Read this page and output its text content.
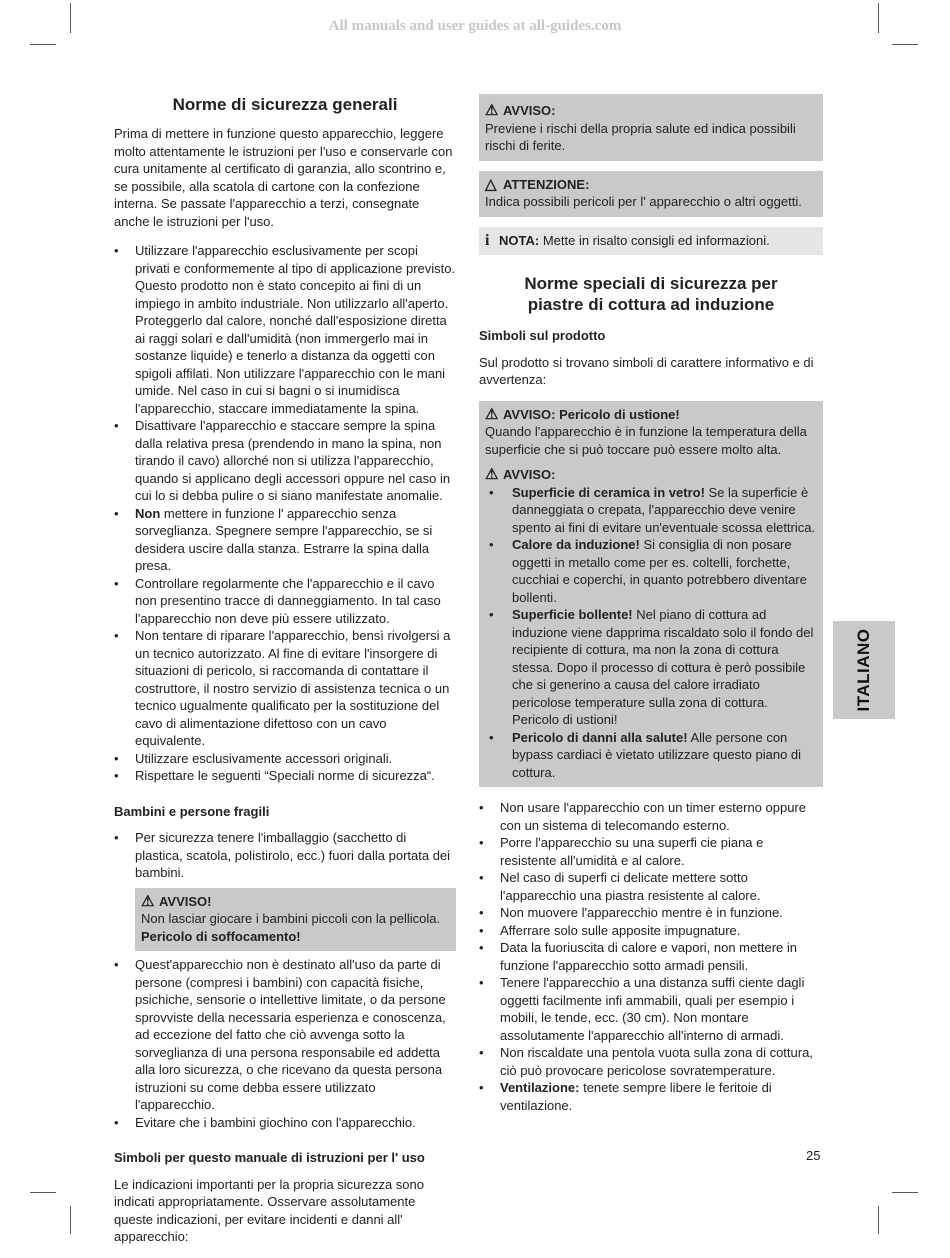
All manuals and user guides at all-guides.com
Norme di sicurezza generali

Prima di mettere in funzione questo apparecchio, leggere molto attentamente le istruzioni per l'uso e conservarle con cura unitamente al certificato di garanzia, allo scontrino e, se possibile, alla scatola di cartone con la confezione interna. Se passate l'apparecchio a terzi, consegnate anche le istruzioni per l'uso.

• Utilizzare l'apparecchio esclusivamente per scopi privati e conformemente al tipo di applicazione previsto. Questo prodotto non è stato concepito ai fini di un impiego in ambito industriale. Non utilizzarlo all'aperto. Proteggerlo dal calore, nonché dall'esposizione diretta ai raggi solari e dall'umidità (non immergerlo mai in sostanze liquide) e tenerlo a distanza da oggetti con spigoli affilati. Non utilizzare l'apparecchio con le mani umide. Nel caso in cui si bagni o si inumidisca l'apparecchio, staccare immediatamente la spina.
• Disattivare l'apparecchio e staccare sempre la spina dalla relativa presa (prendendo in mano la spina, non tirando il cavo) allorché non si utilizza l'apparecchio, quando si applicano degli accessori oppure nel caso in cui lo si debba pulire o si siano manifestate anomalie.
• Non mettere in funzione l' apparecchio senza sorveglianza. Spegnere sempre l'apparecchio, se si desidera uscire dalla stanza. Estrarre la spina dalla presa.
• Controllare regolarmente che l'apparecchio e il cavo non presentino tracce di danneggiamento. In tal caso l'apparecchio non deve più essere utilizzato.
• Non tentare di riparare l'apparecchio, bensì rivolgersi a un tecnico autorizzato. Al fine di evitare l'insorgere di situazioni di pericolo, si raccomanda di contattare il costruttore, il nostro servizio di assistenza tecnica o un tecnico ugualmente qualificato per la sostituzione del cavo di alimentazione difettoso con un cavo equivalente.
• Utilizzare esclusivamente accessori originali.
• Rispettare le seguenti “Speciali norme di sicurezza“.
Bambini e persone fragili
• Per sicurezza tenere l'imballaggio (sacchetto di plastica, scatola, polistirolo, ecc.) fuori dalla portata dei bambini.
⚠ AVVISO!
Non lasciar giocare i bambini piccoli con la pellicola.
Pericolo di soffocamento!
• Quest'apparecchio non è destinato all'uso da parte di persone (compresi i bambini) con capacità fisiche, psichiche, sensorie o intellettive limitate, o da persone sprovviste della necessaria esperienza e conoscenza, ad eccezione del fatto che ciò avvenga sotto la sorveglianza di una persona responsabile ed addetta alla loro sicurezza, o che ricevano da questa persona istruzioni su come debba essere utilizzato l'apparecchio.
• Evitare che i bambini giochino con l'apparecchio.
Simboli per questo manuale di istruzioni per l' uso

Le indicazioni importanti per la propria sicurezza sono indicati appropriatamente. Osservare assolutamente queste indicazioni, per evitare incidenti e danni all' apparecchio:

⚠ AVVISO:
Previene i rischi della propria salute ed indica possibili rischi di ferite.
△ ATTENZIONE:
Indica possibili pericoli per l' apparecchio o altri oggetti.
i NOTA: Mette in risalto consigli ed informazioni.
Norme speciali di sicurezza per
piastre di cottura ad induzione
Simboli sul prodotto

Sul prodotto si trovano simboli di carattere informativo e di avvertenza:

⚠ AVVISO: Pericolo di ustione!
Quando l'apparecchio è in funzione la temperatura della superficie che si può toccare può essere molto alta.
⚠ AVVISO:
• Superficie di ceramica in vetro! Se la superficie è danneggiata o crepata, l'apparecchio deve venire spento ai fini di evitare un'eventuale scossa elettrica.
• Calore da induzione! Si consiglia di non posare oggetti in metallo come per es. coltelli, forchette, cucchiai e coperchi, in quanto potrebbero diventare bollenti.
• Superficie bollente! Nel piano di cottura ad induzione viene dapprima riscaldato solo il fondo del recipiente di cottura, ma non la zona di cottura stessa. Dopo il processo di cottura è però possibile che si generino a causa del calore irradiato pericolose temperature sulla zona di cottura. Pericolo di ustioni!
• Pericolo di danni alla salute! Alle persone con bypass cardiaci è vietato utilizzare questo piano di cottura.
• Non usare l'apparecchio con un timer esterno oppure con un sistema di telecomando esterno.
• Porre l'apparecchio su una superfi cie piana e resistente all'umidità e al calore.
• Nel caso di superfi ci delicate mettere sotto l'apparecchio una piastra resistente al calore.
• Non muovere l'apparecchio mentre è in funzione.
• Afferrare solo sulle apposite impugnature.
• Data la fuoriuscita di calore e vapori, non mettere in funzione l'apparecchio sotto armadi pensili.
• Tenere l'apparecchio a una distanza suffi ciente dagli oggetti facilmente infi ammabili, quali per esempio i mobili, le tende, ecc. (30 cm). Non montare assolutamente l'apparecchio all'interno di armadi.
• Non riscaldate una pentola vuota sulla zona di cottura, ciò può provocare pericolose sovratemperature.
• Ventilazione: tenete sempre libere le feritoie di ventilazione.
ITALIANO
25
